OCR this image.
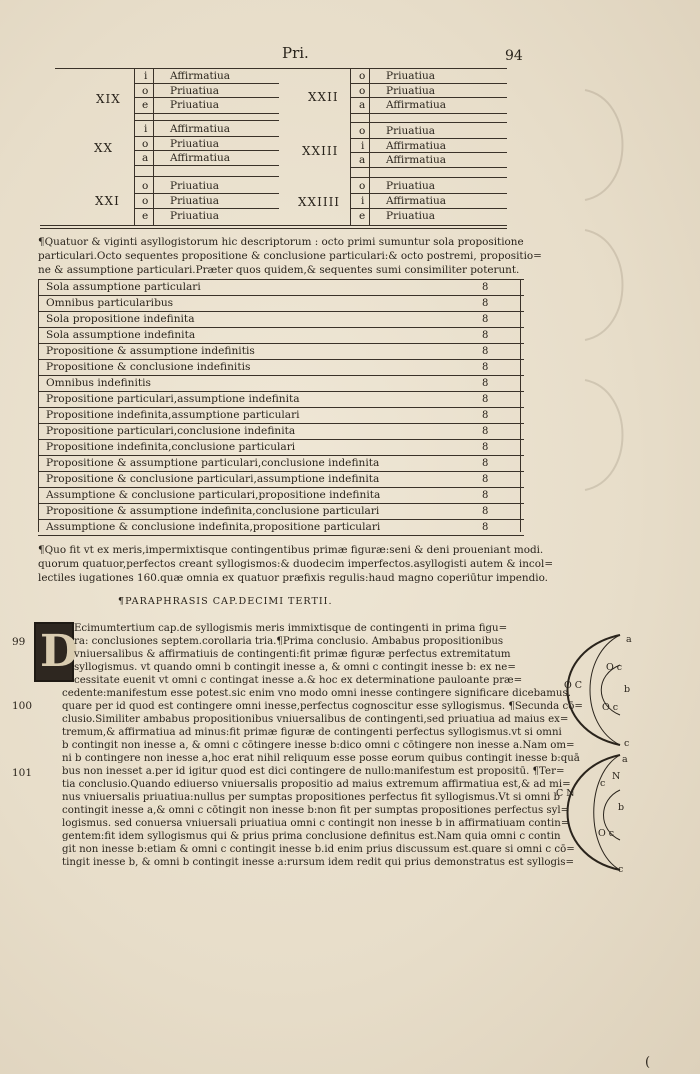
Pri.	94
XIX
i Affirmatiua
o Priuatiua
e Priuatiua
XX
i Affirmatiua
o Priuatiua
a Affirmatiua
XXI
o Priuatiua
o Priuatiua
e Priuatiua
XXII
o Priuatiua
o Priuatiua
a Affirmatiua
XXIII
o Priuatiua
i Affirmatiua
a Affirmatiua
XXIIII
o Priuatiua
i Affirmatiua
e Priuatiua
¶Quatuor & viginti asyllogistorum hic descriptorum : octo primi sumuntur sola propositione
particulari.Octo sequentes propositione & conclusione particulari:& octo postremi, propositio=
ne & assumptione particulari.Præter quos quidem,& sequentes sumi consimiliter poterunt.
Sola assumptione particulari	8
Omnibus particularibus	8
Sola propositione indefinita	8
Sola assumptione indefinita	8
Propositione & assumptione indefinitis	8
Propositione & conclusione indefinitis	8
Omnibus indefinitis	8
Propositione particulari,assumptione indefinita	8
Propositione indefinita,assumptione particulari	8
Propositione particulari,conclusione indefinita	8
Propositione indefinita,conclusione particulari	8
Propositione & assumptione particulari,conclusione indefinita	8
Propositione & conclusione particulari,assumptione indefinita	8
Assumptione & conclusione particulari,propositione indefinita	8
Propositione & assumptione indefinita,conclusione particulari	8
Assumptione & conclusione indefinita,propositione particulari	8
¶Quo fit vt ex meris,impermixtisque contingentibus primæ figuræ:seni & deni proueniant modi.
quorum quatuor,perfectos creant syllogismos:& duodecim imperfectos.asyllogisti autem & incol=
lectiles iugationes 160.quæ omnia ex quatuor præfixis regulis:haud magno coperiūtur impendio.
¶PARAPHRASIS CAP.DECIMI TERTII.
D
99
100
101
Ecimumtertium cap.de syllogismis meris immixtisque de contingenti in prima figu=
ra: conclusiones septem.corollaria tria.¶Prima conclusio. Ambabus propositionibus
vniuersalibus & affirmatiuis de contingenti:fit primæ figuræ perfectus extremitatum
syllogismus. vt quando omni b contingit inesse a, & omni c contingit inesse b: ex ne=
cessitate euenit vt omni c contingat inesse a.& hoc ex determinatione pauloante præ=
cedente:manifestum esse potest.sic enim vno modo omni inesse contingere significare dicebamus.
quare per id quod est contingere omni inesse,perfectus cognoscitur esse syllogismus. ¶Secunda cō=
clusio.Similiter ambabus propositionibus vniuersalibus de contingenti,sed priuatiua ad maius ex=
tremum,& affirmatiua ad minus:fit primæ figuræ de contingenti perfectus syllogismus.vt si omni
b contingit non inesse a, & omni c cōtingere inesse b:dico omni c cōtingere non inesse a.Nam om=
ni b contingere non inesse a,hoc erat nihil reliquum esse posse eorum quibus contingit inesse b:quā
bus non inesset a.per id igitur quod est dici contingere de nullo:manifestum est propositū. ¶Ter=
tia conclusio.Quando ediuerso vniuersalis propositio ad maius extremum affirmatiua est,& ad mi=
nus vniuersalis priuatiua:nullus per sumptas propositiones perfectus fit syllogismus.Vt si omni b
contingit inesse a,& omni c cōtingit non inesse b:non fit per sumptas propositiones perfectus syl=
logismus. sed conuersa vniuersali priuatiua omni c contingit non inesse b in affirmatiuam contin=
gentem:fit idem syllogismus qui & prius prima conclusione definitus est.Nam quia omni c contin
git non inesse b:etiam & omni c contingit inesse b.id enim prius discussum est.quare si omni c cō=
tingit inesse b, & omni b contingit inesse a:rursum idem redit qui prius demonstratus est syllogis=
a
O c
O C	b
O c
c
a
N
c
C N
b
O c
c
(
